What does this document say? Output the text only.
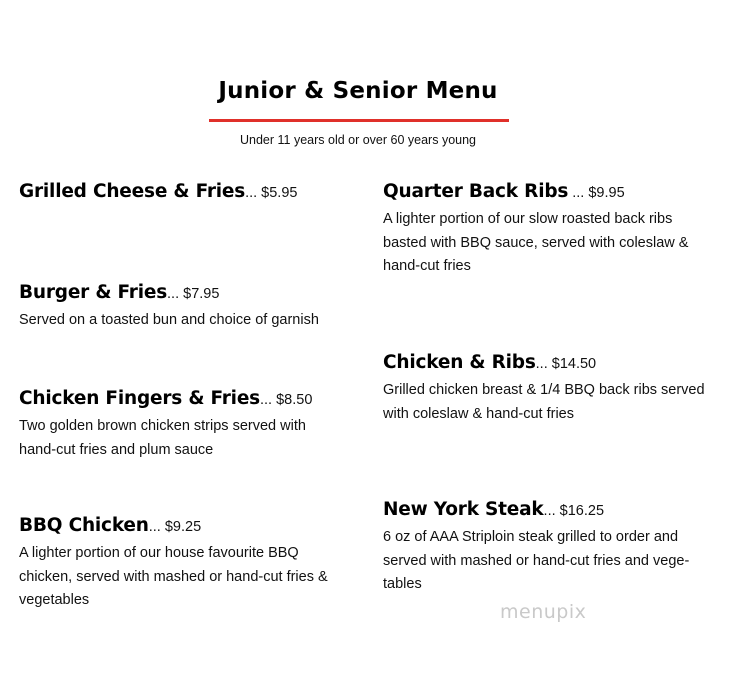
Junior & Senior Menu
Under 11 years old or over 60 years young
Grilled Cheese & Fries... $5.95
Burger & Fries... $7.95
Served on a toasted bun and choice of garnish
Chicken Fingers & Fries... $8.50
Two golden brown chicken strips served with hand-cut fries and plum sauce
BBQ Chicken... $9.25
A lighter portion of our house favourite BBQ chicken, served with mashed or hand-cut fries & vegetables
Quarter Back Ribs ... $9.95
A lighter portion of our slow roasted back ribs basted with BBQ sauce, served with coleslaw & hand-cut fries
Chicken & Ribs... $14.50
Grilled chicken breast & 1/4 BBQ back ribs served with coleslaw & hand-cut fries
New York Steak... $16.25
6 oz of AAA Striploin steak grilled to order and served with mashed or hand-cut fries and vege-tables
menupix
